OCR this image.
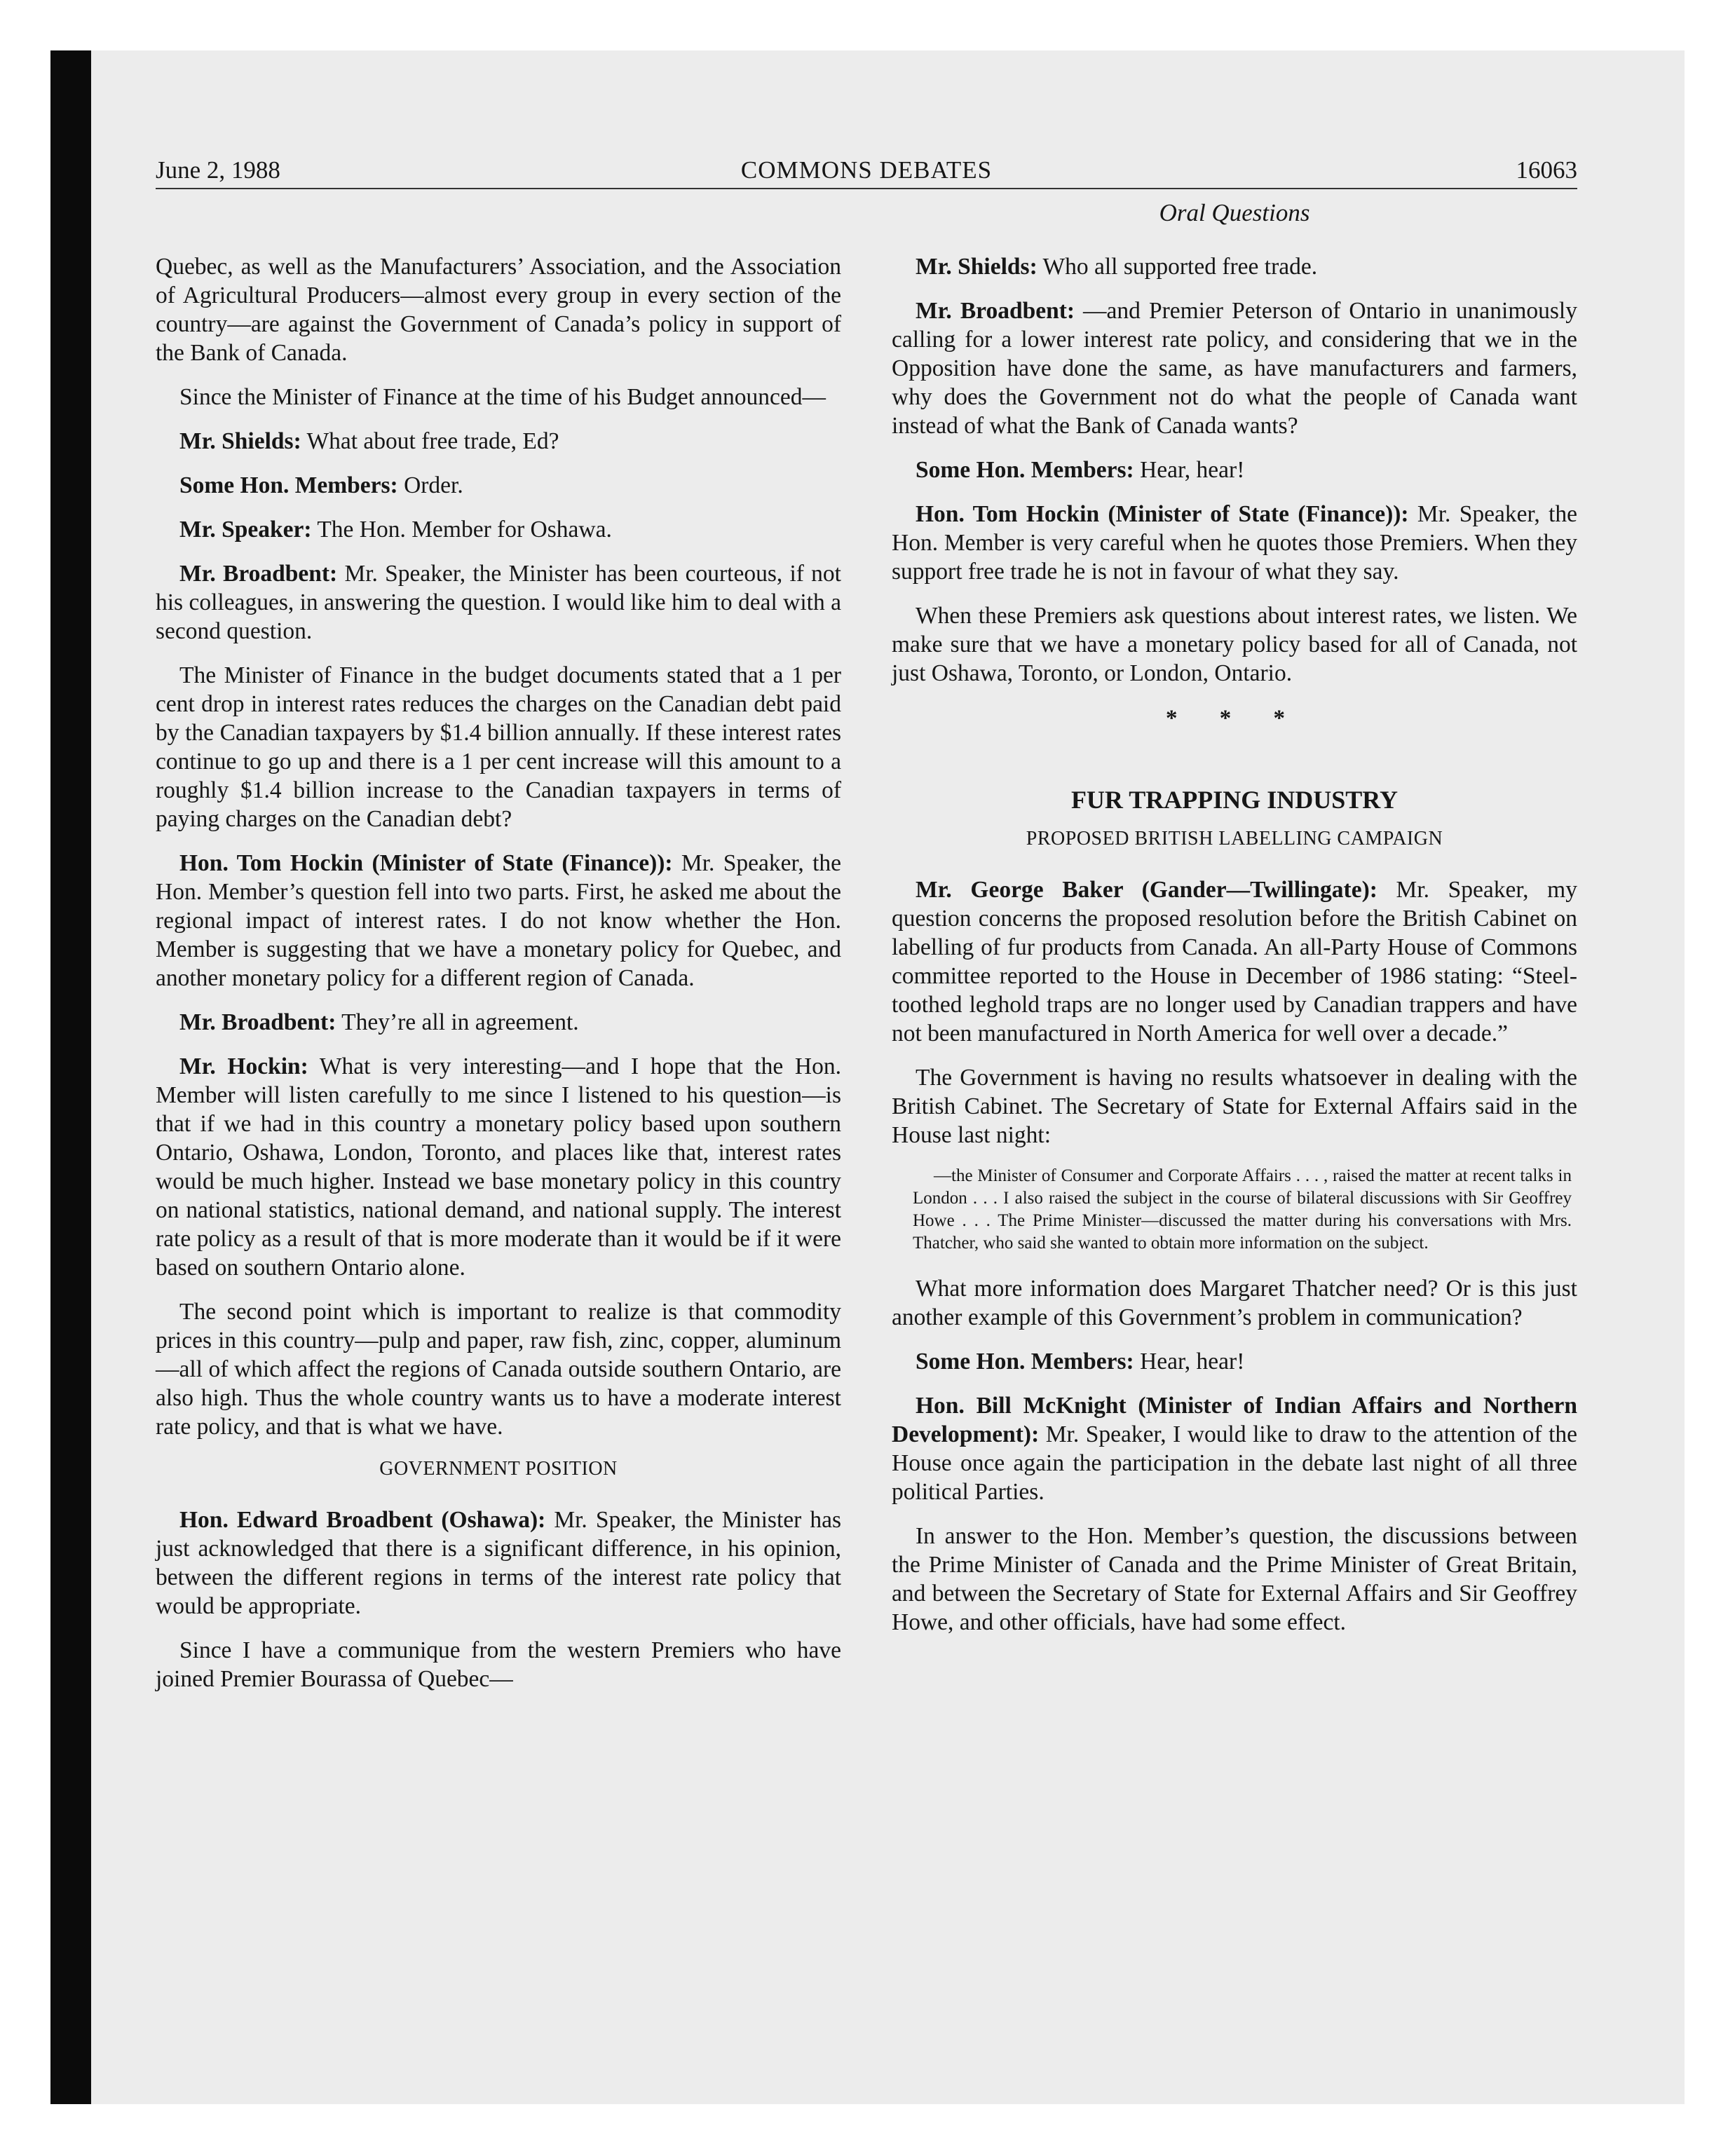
June 2, 1988	COMMONS DEBATES	16063
Oral Questions

Quebec, as well as the Manufacturers’ Association, and the Association of Agricultural Producers—almost every group in every section of the country—are against the Government of Canada’s policy in support of the Bank of Canada.

Since the Minister of Finance at the time of his Budget announced—

Mr. Shields: What about free trade, Ed?

Some Hon. Members: Order.

Mr. Speaker: The Hon. Member for Oshawa.

Mr. Broadbent: Mr. Speaker, the Minister has been courteous, if not his colleagues, in answering the question. I would like him to deal with a second question.

The Minister of Finance in the budget documents stated that a 1 per cent drop in interest rates reduces the charges on the Canadian debt paid by the Canadian taxpayers by $1.4 billion annually. If these interest rates continue to go up and there is a 1 per cent increase will this amount to a roughly $1.4 billion increase to the Canadian taxpayers in terms of paying charges on the Canadian debt?

Hon. Tom Hockin (Minister of State (Finance)): Mr. Speaker, the Hon. Member’s question fell into two parts. First, he asked me about the regional impact of interest rates. I do not know whether the Hon. Member is suggesting that we have a monetary policy for Quebec, and another monetary policy for a different region of Canada.

Mr. Broadbent: They’re all in agreement.

Mr. Hockin: What is very interesting—and I hope that the Hon. Member will listen carefully to me since I listened to his question—is that if we had in this country a monetary policy based upon southern Ontario, Oshawa, London, Toronto, and places like that, interest rates would be much higher. Instead we base monetary policy in this country on national statistics, national demand, and national supply. The interest rate policy as a result of that is more moderate than it would be if it were based on southern Ontario alone.

The second point which is important to realize is that commodity prices in this country—pulp and paper, raw fish, zinc, copper, aluminum—all of which affect the regions of Canada outside southern Ontario, are also high. Thus the whole country wants us to have a moderate interest rate policy, and that is what we have.

GOVERNMENT POSITION

Hon. Edward Broadbent (Oshawa): Mr. Speaker, the Minister has just acknowledged that there is a significant difference, in his opinion, between the different regions in terms of the interest rate policy that would be appropriate.

Since I have a communique from the western Premiers who have joined Premier Bourassa of Quebec—

Mr. Shields: Who all supported free trade.

Mr. Broadbent: —and Premier Peterson of Ontario in unanimously calling for a lower interest rate policy, and considering that we in the Opposition have done the same, as have manufacturers and farmers, why does the Government not do what the people of Canada want instead of what the Bank of Canada wants?

Some Hon. Members: Hear, hear!

Hon. Tom Hockin (Minister of State (Finance)): Mr. Speaker, the Hon. Member is very careful when he quotes those Premiers. When they support free trade he is not in favour of what they say.

When these Premiers ask questions about interest rates, we listen. We make sure that we have a monetary policy based for all of Canada, not just Oshawa, Toronto, or London, Ontario.

* * *
FUR TRAPPING INDUSTRY
PROPOSED BRITISH LABELLING CAMPAIGN

Mr. George Baker (Gander—Twillingate): Mr. Speaker, my question concerns the proposed resolution before the British Cabinet on labelling of fur products from Canada. An all-Party House of Commons committee reported to the House in December of 1986 stating: “Steel-toothed leghold traps are no longer used by Canadian trappers and have not been manufactured in North America for well over a decade.”

The Government is having no results whatsoever in dealing with the British Cabinet. The Secretary of State for External Affairs said in the House last night:

—the Minister of Consumer and Corporate Affairs . . . , raised the matter at recent talks in London . . . I also raised the subject in the course of bilateral discussions with Sir Geoffrey Howe . . . The Prime Minister—discussed the matter during his conversations with Mrs. Thatcher, who said she wanted to obtain more information on the subject.

What more information does Margaret Thatcher need? Or is this just another example of this Government’s problem in communication?

Some Hon. Members: Hear, hear!

Hon. Bill McKnight (Minister of Indian Affairs and Northern Development): Mr. Speaker, I would like to draw to the attention of the House once again the participation in the debate last night of all three political Parties.

In answer to the Hon. Member’s question, the discussions between the Prime Minister of Canada and the Prime Minister of Great Britain, and between the Secretary of State for External Affairs and Sir Geoffrey Howe, and other officials, have had some effect.
